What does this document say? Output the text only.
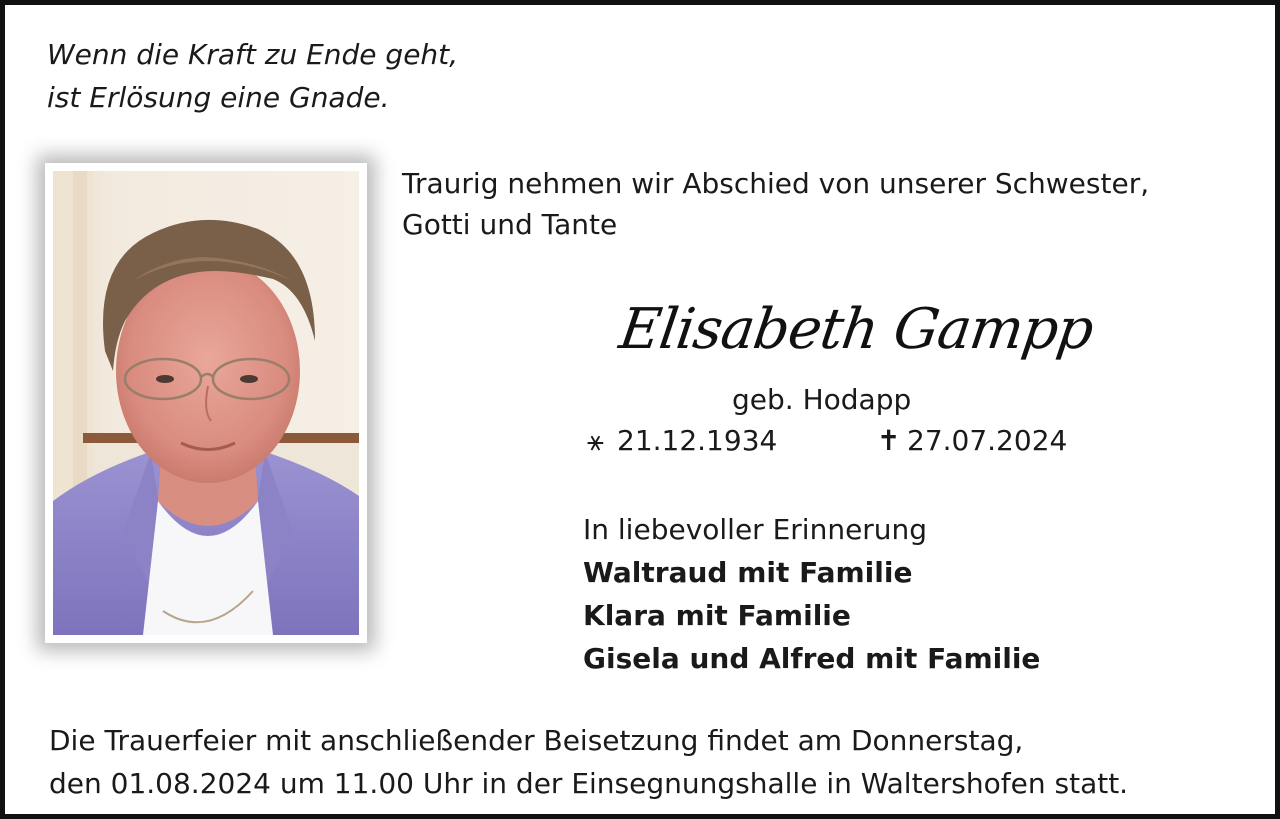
Wenn die Kraft zu Ende geht,
ist Erlösung eine Gnade.
Traurig nehmen wir Abschied von unserer Schwester,
Gotti und Tante
Elisabeth Gampp
geb. Hodapp
⚹ 21.12.1934	✝ 27.07.2024
In liebevoller Erinnerung
Waltraud mit Familie
Klara mit Familie
Gisela und Alfred mit Familie
Die Trauerfeier mit anschließender Beisetzung findet am Donnerstag,
den 01.08.2024 um 11.00 Uhr in der Einsegnungshalle in Waltershofen statt.
